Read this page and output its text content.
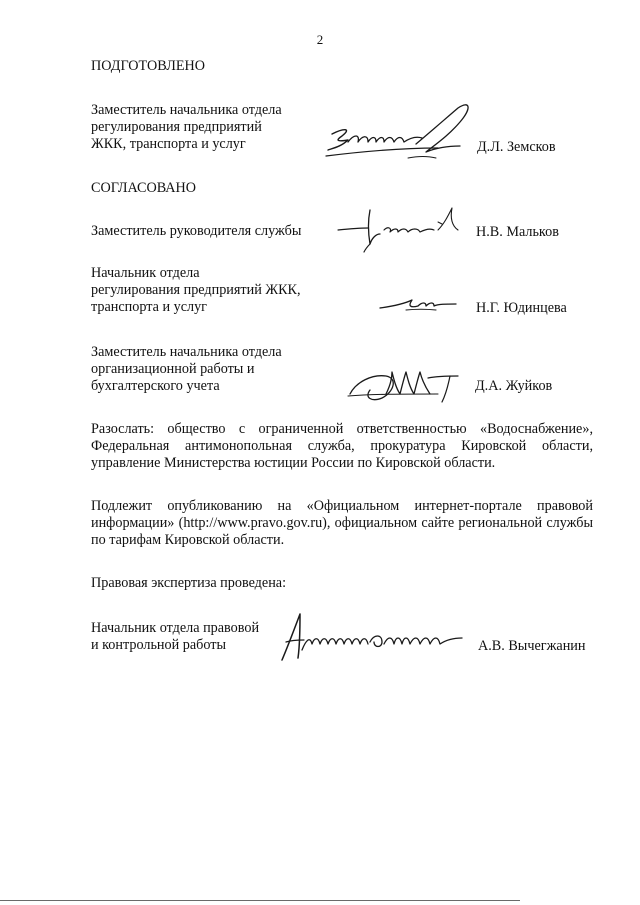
2
ПОДГОТОВЛЕНО
Заместитель начальника отдела
регулирования предприятий
ЖКК, транспорта и услуг	Д.Л. Земсков
СОГЛАСОВАНО
Заместитель руководителя службы	Н.В. Мальков
Начальник отдела
регулирования предприятий ЖКК,
транспорта и услуг	Н.Г. Юдинцева
Заместитель начальника отдела
организационной работы и
бухгалтерского учета	Д.А. Жуйков
Разослать: общество с ограниченной ответственностью «Водоснабжение», Федеральная антимонопольная служба, прокуратура Кировской области, управление Министерства юстиции России по Кировской области.
Подлежит опубликованию на «Официальном интернет-портале правовой информации» (http://www.pravo.gov.ru), официальном сайте региональной службы по тарифам Кировской области.
Правовая экспертиза проведена:
Начальник отдела правовой
и контрольной работы	А.В. Вычегжанин
